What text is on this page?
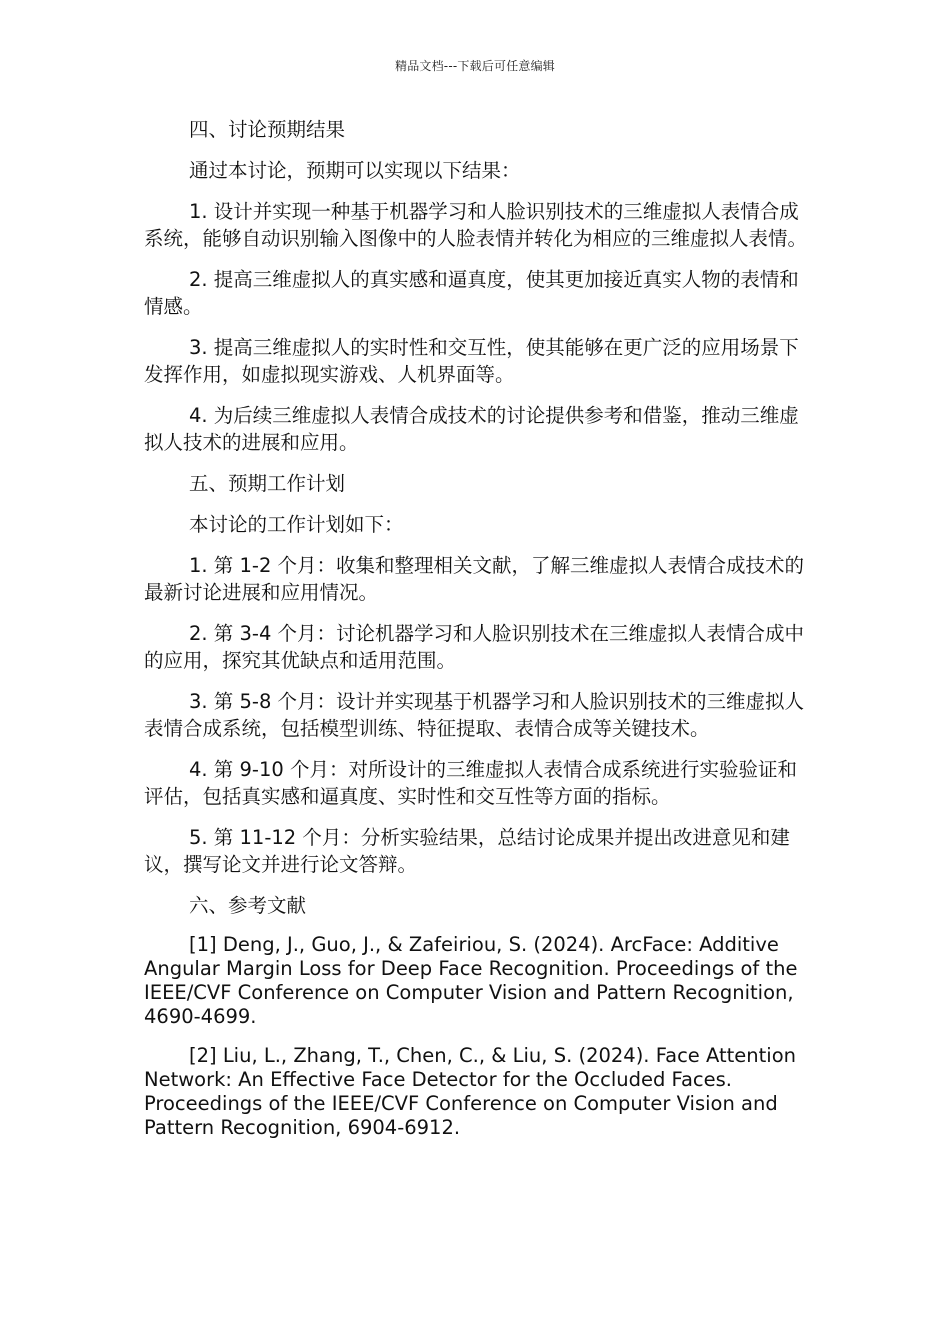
精品文档---下载后可任意编辑

四、讨论预期结果

通过本讨论，预期可以实现以下结果：

1. 设计并实现一种基于机器学习和人脸识别技术的三维虚拟人表情合成系统，能够自动识别输入图像中的人脸表情并转化为相应的三维虚拟人表情。

2. 提高三维虚拟人的真实感和逼真度，使其更加接近真实人物的表情和情感。

3. 提高三维虚拟人的实时性和交互性，使其能够在更广泛的应用场景下发挥作用，如虚拟现实游戏、人机界面等。

4. 为后续三维虚拟人表情合成技术的讨论提供参考和借鉴，推动三维虚拟人技术的进展和应用。

五、预期工作计划

本讨论的工作计划如下：

1. 第 1-2 个月：收集和整理相关文献，了解三维虚拟人表情合成技术的最新讨论进展和应用情况。

2. 第 3-4 个月：讨论机器学习和人脸识别技术在三维虚拟人表情合成中的应用，探究其优缺点和适用范围。

3. 第 5-8 个月：设计并实现基于机器学习和人脸识别技术的三维虚拟人表情合成系统，包括模型训练、特征提取、表情合成等关键技术。

4. 第 9-10 个月：对所设计的三维虚拟人表情合成系统进行实验验证和评估，包括真实感和逼真度、实时性和交互性等方面的指标。

5. 第 11-12 个月：分析实验结果，总结讨论成果并提出改进意见和建议，撰写论文并进行论文答辩。

六、参考文献

[1] Deng, J., Guo, J., & Zafeiriou, S. (2024). ArcFace: Additive Angular Margin Loss for Deep Face Recognition. Proceedings of the IEEE/CVF Conference on Computer Vision and Pattern Recognition, 4690-4699.

[2] Liu, L., Zhang, T., Chen, C., & Liu, S. (2024). Face Attention Network: An Effective Face Detector for the Occluded Faces. Proceedings of the IEEE/CVF Conference on Computer Vision and Pattern Recognition, 6904-6912.
